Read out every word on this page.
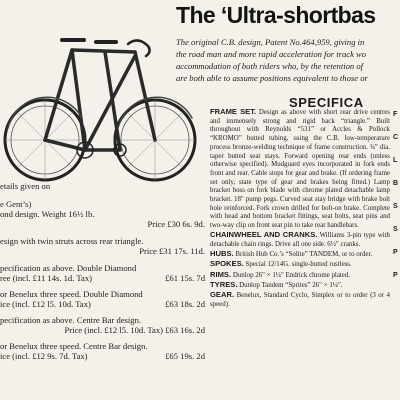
The ‘Ultra-shortbas
The original C.B. design, Patent No.464,959, giving in
the road man and more rapid acceleration for track wo
accommodation of both riders who, by the retention of
are both able to assume positions equivalent to those or
SPECIFICA
etails given on
e Gent’s)
ond design. Weight 16½ lb.
Price £30 6s. 9d.
esign with twin struts across rear triangle.
Price £31 17s. 11d.
pecification as above. Double Diamond
ree (incl. £11 14s. 1d. Tax)	£61 15s. 7d
or Benelux three speed. Double Diamond
ice (incl. £12 l5. 10d. Tax)	£63 18s. 2d
pecification as above. Centre Bar design.
Price (incl. £12 l5. 10d. Tax) £63 16s. 2d
or Benelux three speed. Centre Bar design.
ice (incl. £12 9s. 7d. Tax)	£65 19s. 2d

FRAME SET. Design as above with short rear drive centres and immensely strong and rigid back “triangle.” Built throughout with Reynolds “531” or Accles & Pollock “KROMO” butted tubing, using the C.B. low-temperature process bronze-welding technique of frame construction. ¾″ dia. taper butted seat stays. Forward opening rear ends (unless otherwise specified). Mudguard eyes incorporated in fork ends front and rear. Cable stops for gear and brake. (If ordering frame set only, state type of gear and brakes being fitted.) Lamp bracket boss on fork blade with chrome plated detachable lamp bracket. 18″ pump pegs. Curved seat stay bridge with brake bolt hole reinforced. Fork crown drilled for bolt-on brake. Complete with head and bottom bracket fittings, seat bolts, seat pins and two-way clip on front seat pin to take rear handlebars.

CHAINWHEEL AND CRANKS. Williams 3-pin type with detachable chain rings. Drive all one side. 6½″ cranks.

HUBS. British Hub Co.’s “Solite” TANDEM, or to order.

SPOKES. Special 12/14G. single-butted rustless.

RIMS. Dunlop 26″ × 1¼″ Endrick chrome plated.

TYRES. Dunlop Tandem “Sprites” 26″ × 1¼″.

GEAR. Benelux, Standard Cyclo, Simplex or to order (3 or 4 speed).

F
C
L
B
S
S
P
P
